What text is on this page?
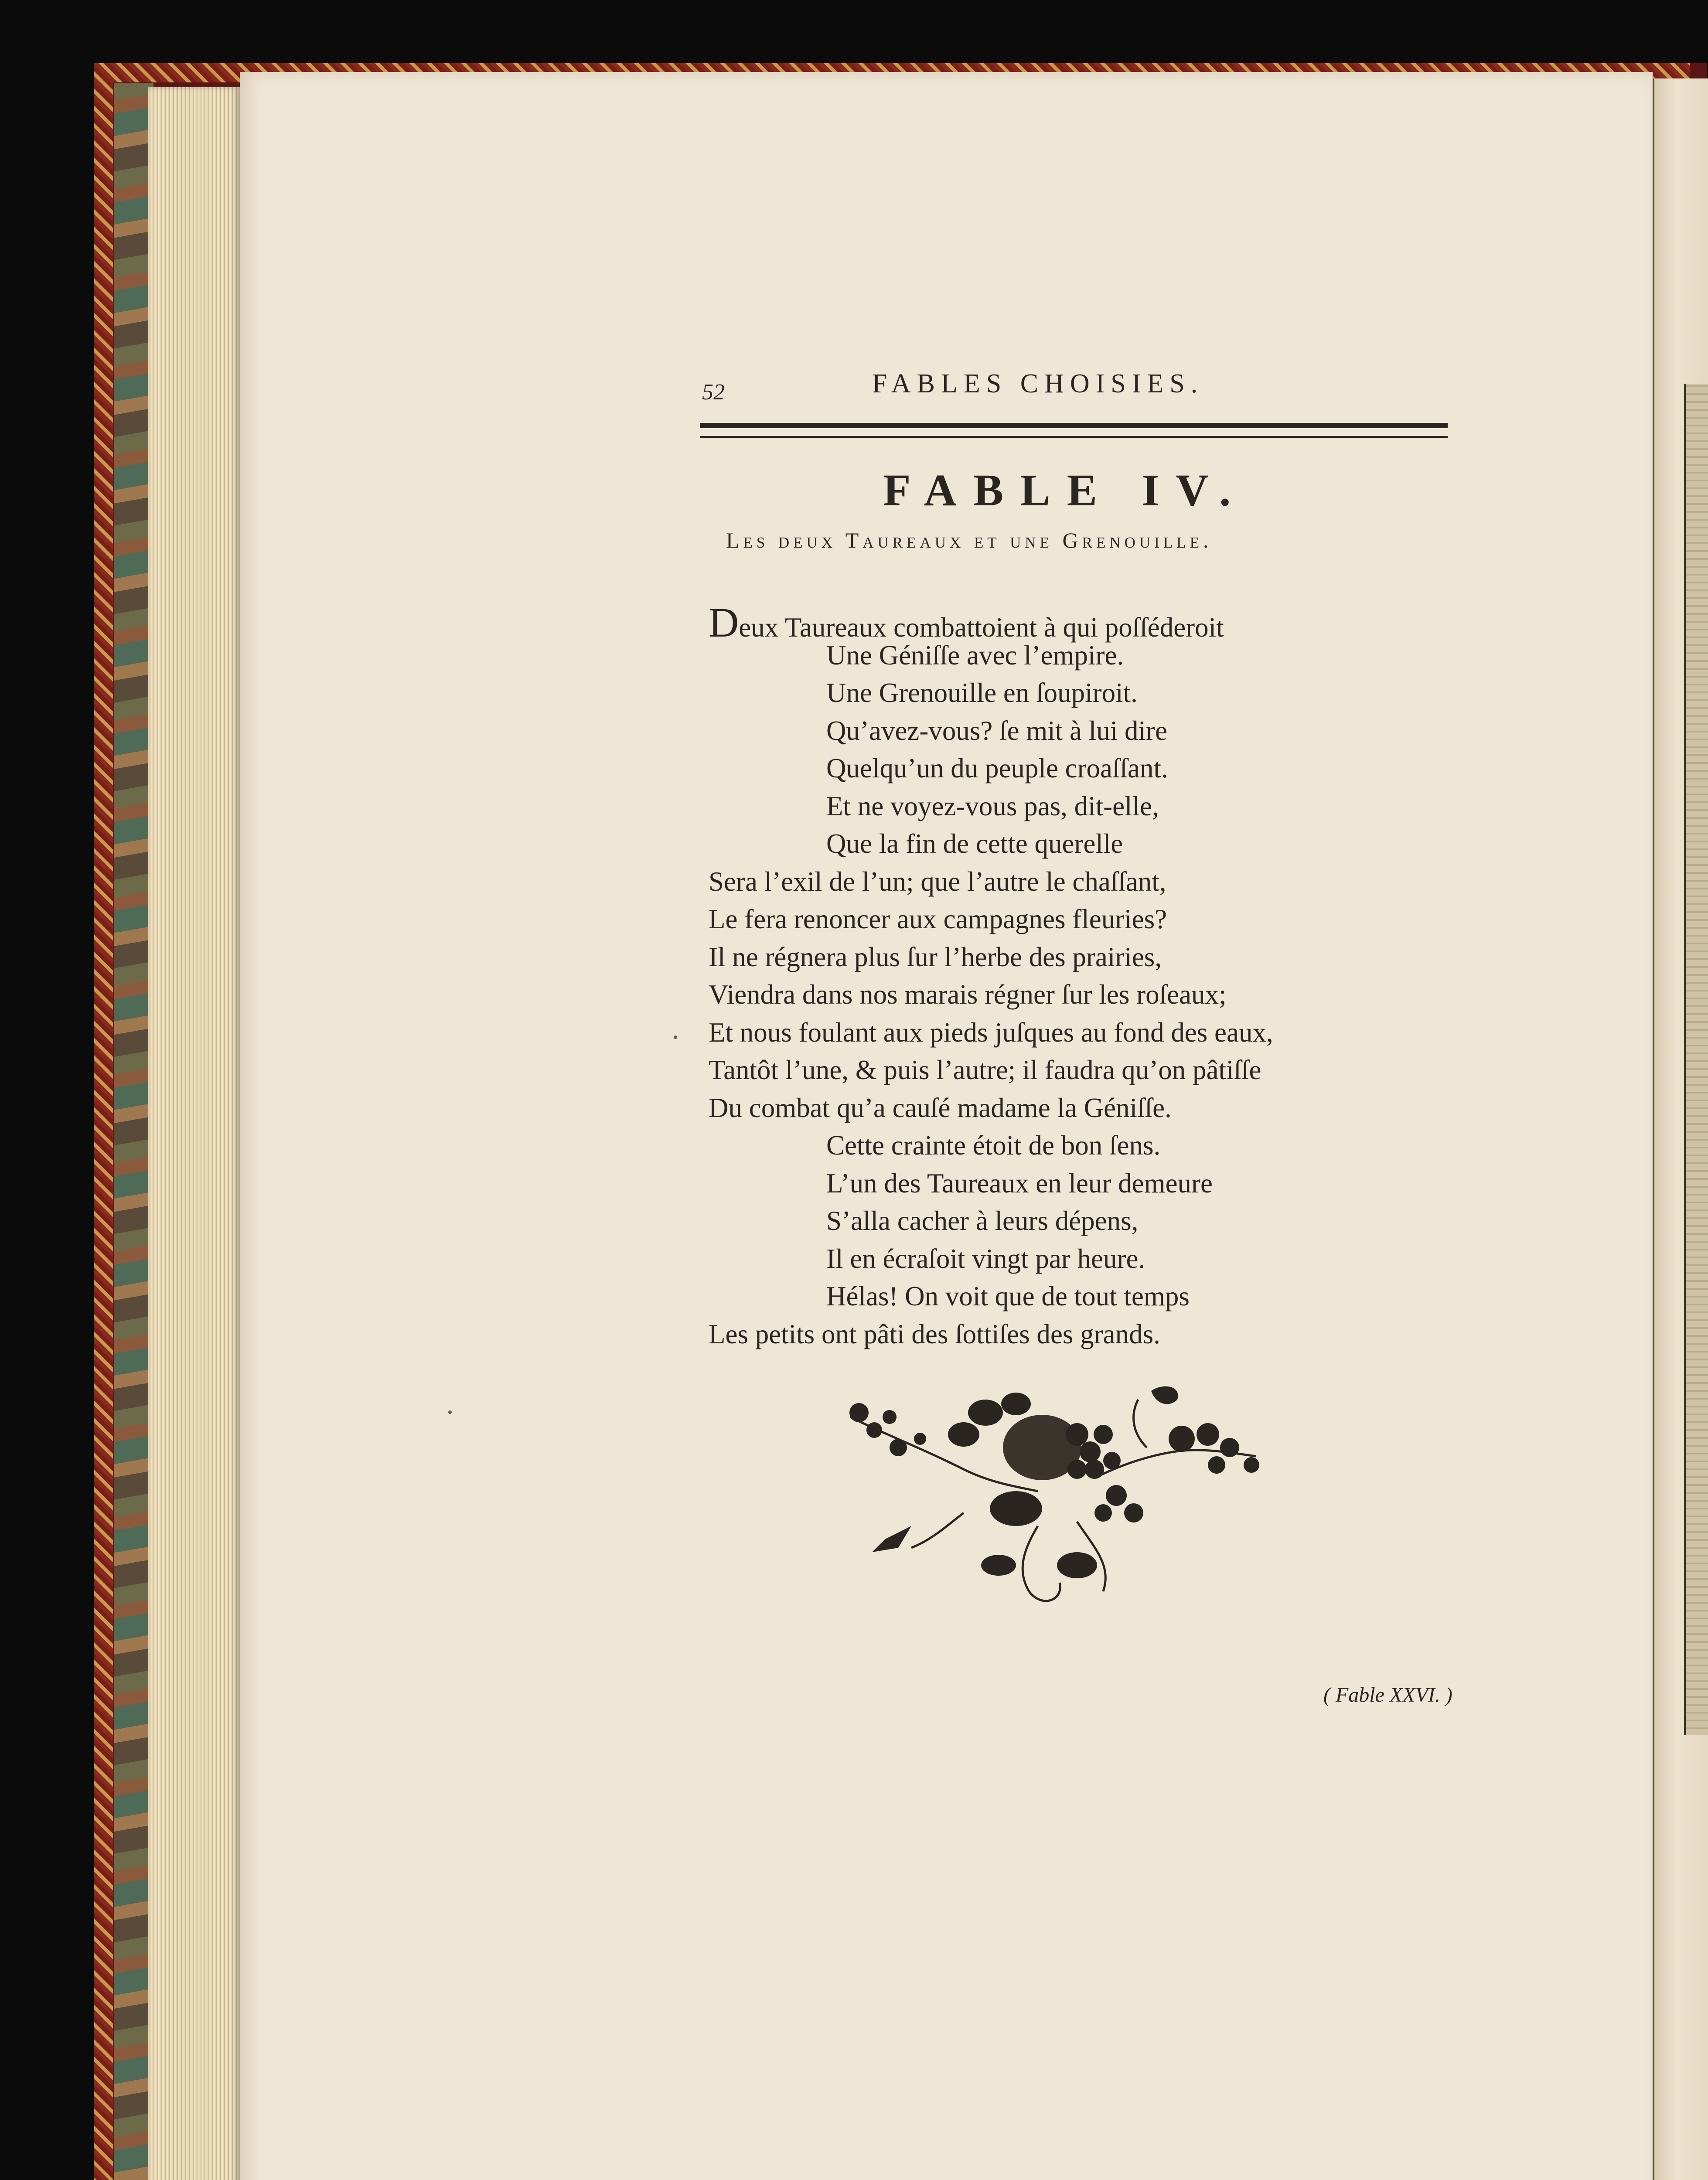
52	FABLES CHOISIES.
FABLE IV.
Les deux Taureaux et une Grenouille.
Deux Taureaux combattoient à qui poſſéderoit
Une Géniſſe avec l’empire.
Une Grenouille en ſoupiroit.
Qu’avez-vous? ſe mit à lui dire
Quelqu’un du peuple croaſſant.
Et ne voyez-vous pas, dit-elle,
Que la fin de cette querelle
Sera l’exil de l’un; que l’autre le chaſſant,
Le fera renoncer aux campagnes fleuries?
Il ne régnera plus ſur l’herbe des prairies,
Viendra dans nos marais régner ſur les roſeaux;
Et nous foulant aux pieds juſques au fond des eaux,
Tantôt l’une, & puis l’autre; il faudra qu’on pâtiſſe
Du combat qu’a cauſé madame la Géniſſe.
Cette crainte étoit de bon ſens.
L’un des Taureaux en leur demeure
S’alla cacher à leurs dépens,
Il en écraſoit vingt par heure.
Hélas! On voit que de tout temps
Les petits ont pâti des ſottiſes des grands.
( Fable XXVI. )
